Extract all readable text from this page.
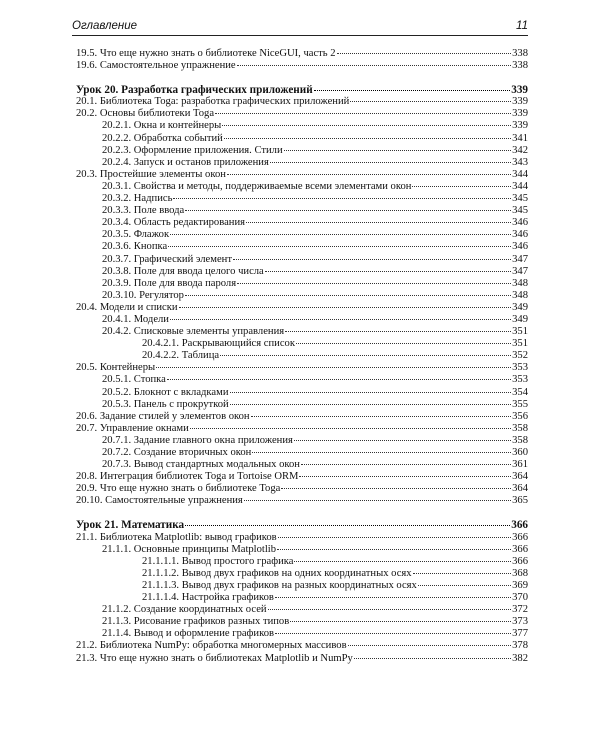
Оглавление	11
19.5. Что еще нужно знать о библиотеке NiceGUI, часть 2	338
19.6. Самостоятельное упражнение	338
Урок 20. Разработка графических приложений	339
20.1. Библиотека Toga: разработка графических приложений	339
20.2. Основы библиотеки Toga	339
20.2.1. Окна и контейнеры	339
20.2.2. Обработка событий	341
20.2.3. Оформление приложения. Стили	342
20.2.4. Запуск и останов приложения	343
20.3. Простейшие элементы окон	344
20.3.1. Свойства и методы, поддерживаемые всеми элементами окон	344
20.3.2. Надпись	345
20.3.3. Поле ввода	345
20.3.4. Область редактирования	346
20.3.5. Флажок	346
20.3.6. Кнопка	346
20.3.7. Графический элемент	347
20.3.8. Поле для ввода целого числа	347
20.3.9. Поле для ввода пароля	348
20.3.10. Регулятор	348
20.4. Модели и списки	349
20.4.1. Модели	349
20.4.2. Списковые элементы управления	351
20.4.2.1. Раскрывающийся список	351
20.4.2.2. Таблица	352
20.5. Контейнеры	353
20.5.1. Стопка	353
20.5.2. Блокнот с вкладками	354
20.5.3. Панель с прокруткой	355
20.6. Задание стилей у элементов окон	356
20.7. Управление окнами	358
20.7.1. Задание главного окна приложения	358
20.7.2. Создание вторичных окон	360
20.7.3. Вывод стандартных модальных окон	361
20.8. Интеграция библиотек Toga и Tortoise ORM	364
20.9. Что еще нужно знать о библиотеке Toga	364
20.10. Самостоятельные упражнения	365
Урок 21. Математика	366
21.1. Библиотека Matplotlib: вывод графиков	366
21.1.1. Основные принципы Matplotlib	366
21.1.1.1. Вывод простого графика	366
21.1.1.2. Вывод двух графиков на одних координатных осях	368
21.1.1.3. Вывод двух графиков на разных координатных осях	369
21.1.1.4. Настройка графиков	370
21.1.2. Создание координатных осей	372
21.1.3. Рисование графиков разных типов	373
21.1.4. Вывод и оформление графиков	377
21.2. Библиотека NumPy: обработка многомерных массивов	378
21.3. Что еще нужно знать о библиотеках Matplotlib и NumPy	382
